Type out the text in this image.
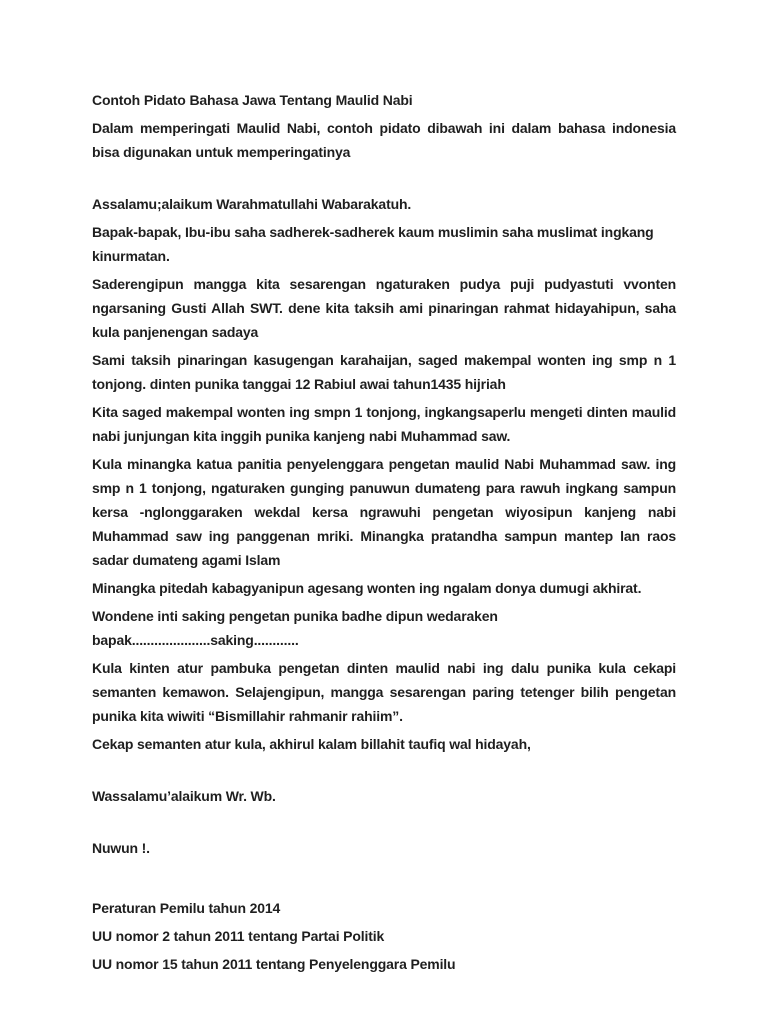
Contoh Pidato Bahasa Jawa Tentang Maulid Nabi

Dalam memperingati Maulid Nabi, contoh pidato dibawah ini dalam bahasa indonesia bisa digunakan untuk memperingatinya

Assalamu;alaikum Warahmatullahi Wabarakatuh.

Bapak-bapak, Ibu-ibu saha sadherek-sadherek kaum muslimin saha muslimat ingkang kinurmatan.

Saderengipun mangga kita sesarengan ngaturaken pudya puji pudyastuti vvonten ngarsaning Gusti Allah SWT. dene kita taksih ami pinaringan rahmat hidayahipun, saha kula panjenengan sadaya

Sami taksih pinaringan kasugengan karahaijan, saged makempal wonten ing smp n 1 tonjong. dinten punika tanggai 12 Rabiul awai tahun1435 hijriah

Kita saged makempal wonten ing smpn 1 tonjong, ingkangsaperlu mengeti dinten maulid nabi junjungan kita inggih punika kanjeng nabi Muhammad saw.

Kula minangka katua panitia penyelenggara pengetan maulid Nabi Muhammad saw. ing smp n 1 tonjong, ngaturaken gunging panuwun dumateng para rawuh ingkang sampun kersa -nglonggaraken wekdal kersa ngrawuhi pengetan wiyosipun kanjeng nabi Muhammad saw ing panggenan mriki. Minangka pratandha sampun mantep lan raos sadar dumateng agami Islam

Minangka pitedah kabagyanipun agesang wonten ing ngalam donya dumugi akhirat.

Wondene inti saking pengetan punika badhe dipun wedaraken bapak.....................saking............

Kula kinten atur pambuka pengetan dinten maulid nabi ing dalu punika kula cekapi semanten kemawon. Selajengipun, mangga sesarengan paring tetenger bilih pengetan punika kita wiwiti “Bismillahir rahmanir rahiim”.

Cekap semanten atur kula, akhirul kalam billahit taufiq wal hidayah,

Wassalamu’alaikum Wr. Wb.

Nuwun !.

Peraturan Pemilu tahun 2014

UU nomor 2 tahun 2011 tentang Partai Politik

UU nomor 15 tahun 2011 tentang Penyelenggara Pemilu
